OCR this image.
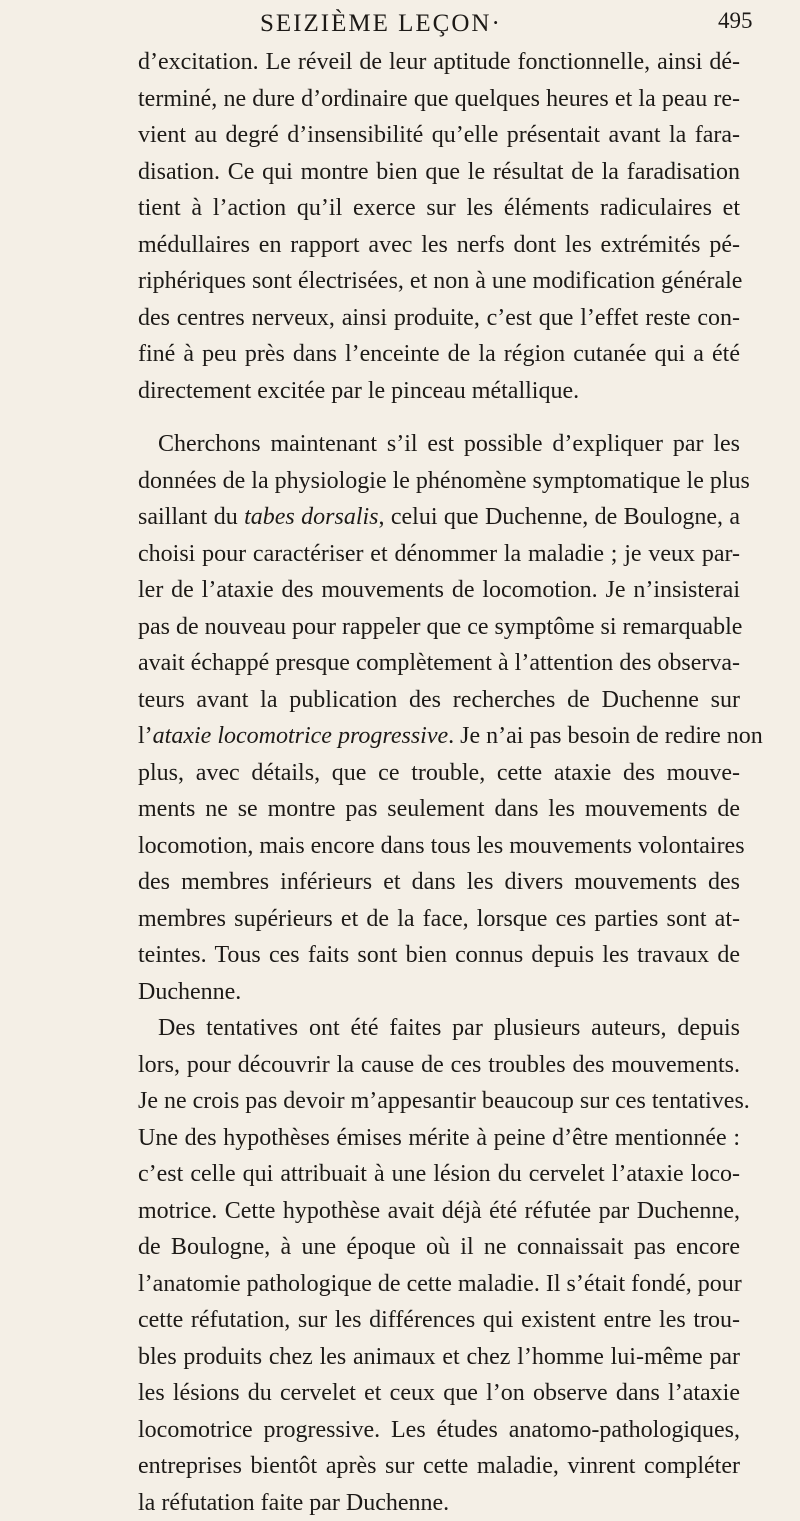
SEIZIÈME LEÇON·	495
d’excitation. Le réveil de leur aptitude fonctionnelle, ainsi dé-
terminé, ne dure d’ordinaire que quelques heures et la peau re-
vient au degré d’insensibilité qu’elle présentait avant la fara-
disation. Ce qui montre bien que le résultat de la faradisation
tient à l’action qu’il exerce sur les éléments radiculaires et
médullaires en rapport avec les nerfs dont les extrémités pé-
riphériques sont électrisées, et non à une modification générale
des centres nerveux, ainsi produite, c’est que l’effet reste con-
finé à peu près dans l’enceinte de la région cutanée qui a été
directement excitée par le pinceau métallique.
Cherchons maintenant s’il est possible d’expliquer par les
données de la physiologie le phénomène symptomatique le plus
saillant du tabes dorsalis, celui que Duchenne, de Boulogne, a
choisi pour caractériser et dénommer la maladie ; je veux par-
ler de l’ataxie des mouvements de locomotion. Je n’insisterai
pas de nouveau pour rappeler que ce symptôme si remarquable
avait échappé presque complètement à l’attention des observa-
teurs avant la publication des recherches de Duchenne sur
l’ataxie locomotrice progressive. Je n’ai pas besoin de redire non
plus, avec détails, que ce trouble, cette ataxie des mouve-
ments ne se montre pas seulement dans les mouvements de
locomotion, mais encore dans tous les mouvements volontaires
des membres inférieurs et dans les divers mouvements des
membres supérieurs et de la face, lorsque ces parties sont at-
teintes. Tous ces faits sont bien connus depuis les travaux de
Duchenne.
Des tentatives ont été faites par plusieurs auteurs, depuis
lors, pour découvrir la cause de ces troubles des mouvements.
Je ne crois pas devoir m’appesantir beaucoup sur ces tentatives.
Une des hypothèses émises mérite à peine d’être mentionnée :
c’est celle qui attribuait à une lésion du cervelet l’ataxie loco-
motrice. Cette hypothèse avait déjà été réfutée par Duchenne,
de Boulogne, à une époque où il ne connaissait pas encore
l’anatomie pathologique de cette maladie. Il s’était fondé, pour
cette réfutation, sur les différences qui existent entre les trou-
bles produits chez les animaux et chez l’homme lui-même par
les lésions du cervelet et ceux que l’on observe dans l’ataxie
locomotrice progressive. Les études anatomo-pathologiques,
entreprises bientôt après sur cette maladie, vinrent compléter
la réfutation faite par Duchenne.
